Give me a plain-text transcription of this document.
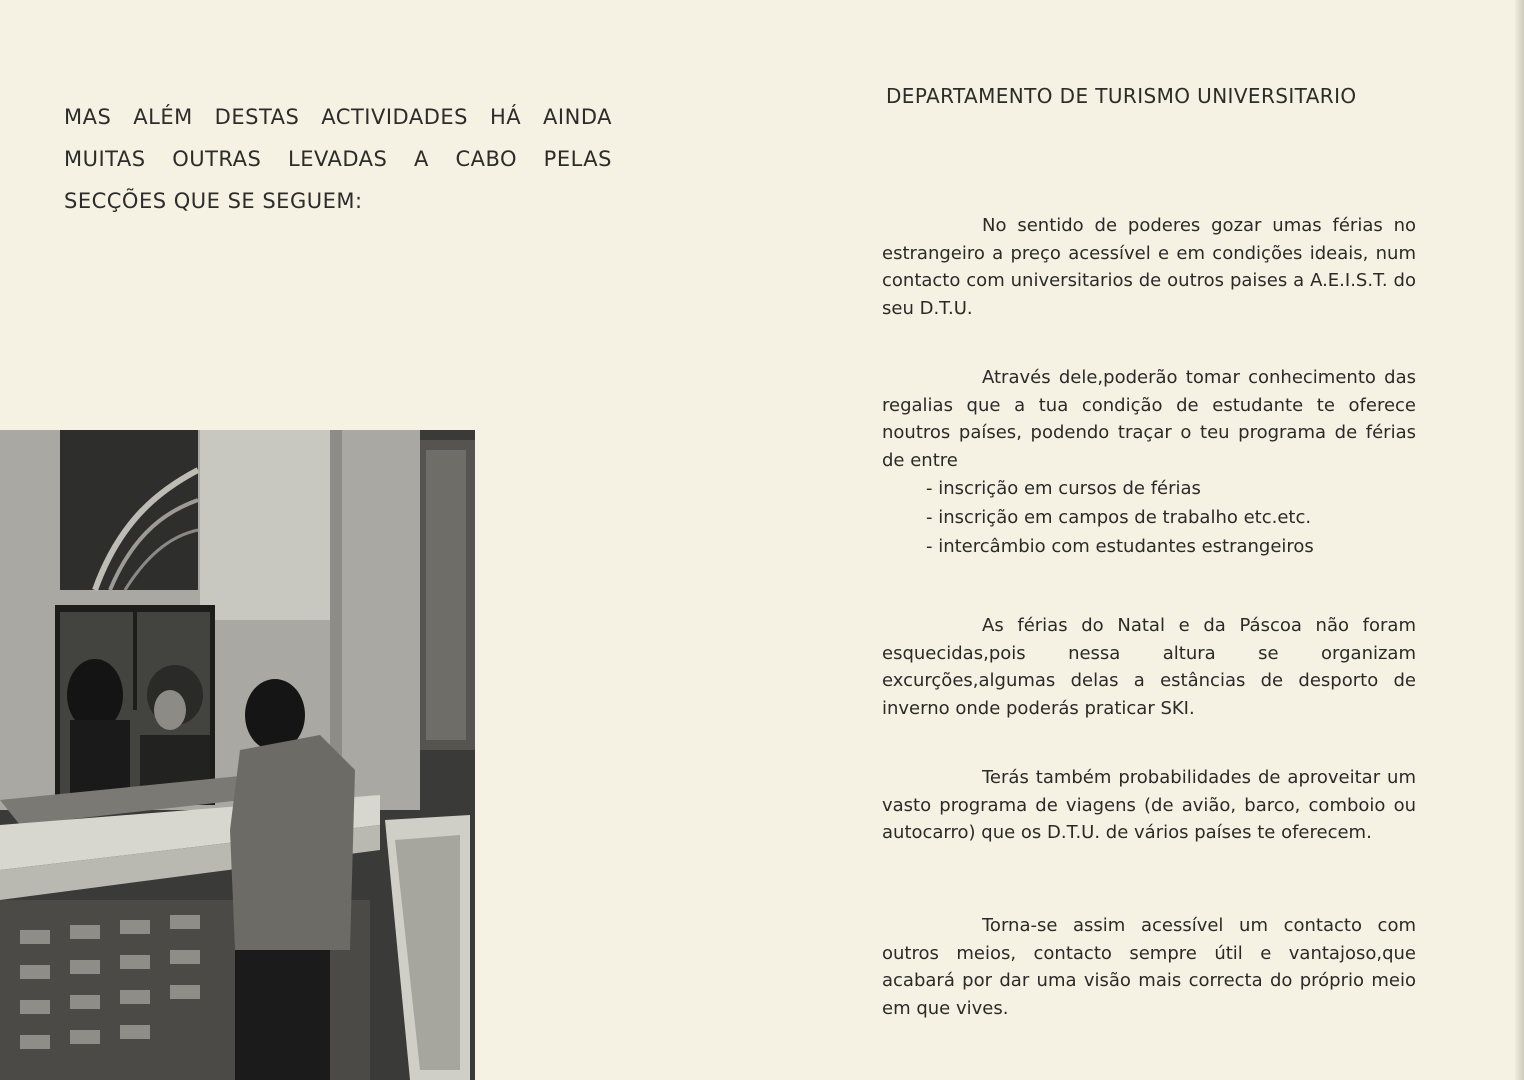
MAS ALÉM DESTAS ACTIVIDADES HÁ AINDA
MUITAS OUTRAS LEVADAS A CABO PELAS
SECÇÕES QUE SE SEGUEM:
DEPARTAMENTO DE TURISMO UNIVERSITARIO

No sentido de poderes gozar umas férias no estrangeiro a preço acessível e em condições ideais, num contacto com universitarios de outros paises a A.E.I.S.T. do seu D.T.U.

Através dele,poderão tomar conhecimento das regalias que a tua condição de estudante te oferece noutros países, podendo traçar o teu programa de férias de entre

- inscrição em cursos de férias
- inscrição em campos de trabalho etc.etc.
- intercâmbio com estudantes estrangeiros

As férias do Natal e da Páscoa não foram esquecidas,pois nessa altura se organizam excurções,algumas delas a estâncias de desporto de inverno onde poderás praticar SKI.

Terás também probabilidades de aproveitar um vasto programa de viagens (de avião, barco, comboio ou autocarro) que os D.T.U. de vários países te oferecem.

Torna-se assim acessível um contacto com outros meios, contacto sempre útil e vantajoso,que acabará por dar uma visão mais correcta do próprio meio em que vives.
